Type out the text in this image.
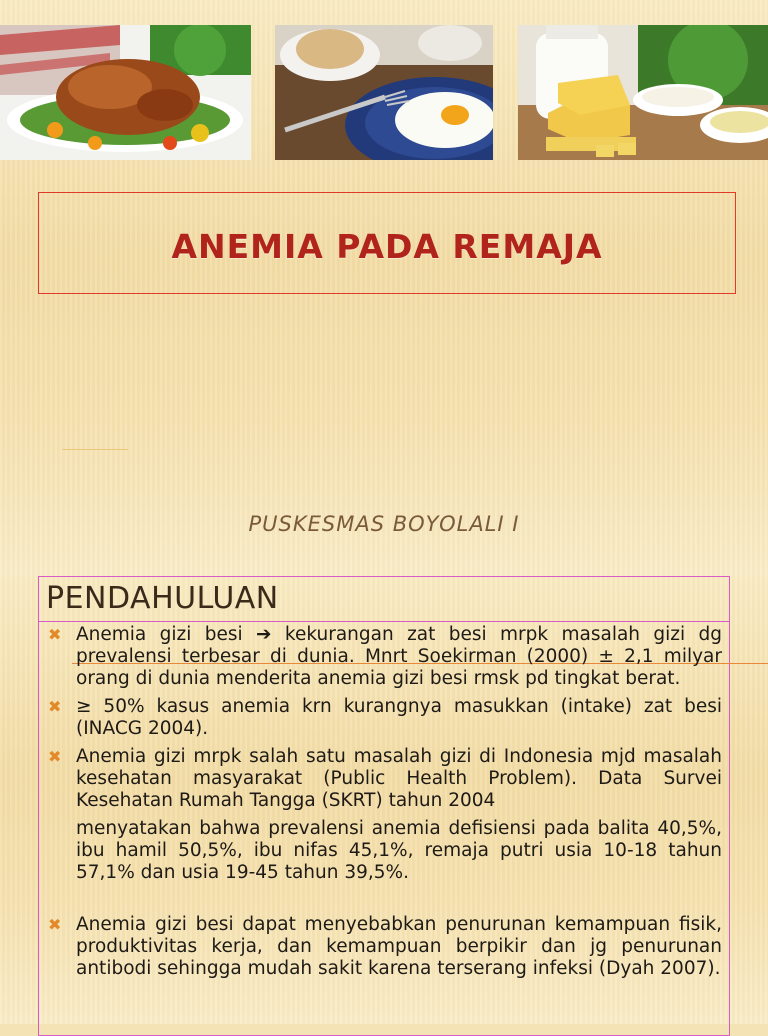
ANEMIA PADA REMAJA
PUSKESMAS BOYOLALI I
PENDAHULUAN
✖ Anemia gizi besi ➔ kekurangan zat besi mrpk masalah gizi dg prevalensi terbesar di dunia. Mnrt Soekirman (2000) ± 2,1 milyar orang di dunia menderita anemia gizi besi rmsk pd tingkat berat.
✖ ≥ 50% kasus anemia krn kurangnya masukkan (intake) zat besi (INACG 2004).
✖ Anemia gizi mrpk salah satu masalah gizi di Indonesia mjd masalah kesehatan masyarakat (Public Health Problem). Data Survei Kesehatan Rumah Tangga (SKRT) tahun 2004
menyatakan bahwa prevalensi anemia defisiensi pada balita 40,5%, ibu hamil 50,5%, ibu nifas 45,1%, remaja putri usia 10-18 tahun 57,1% dan usia 19-45 tahun 39,5%.
✖ Anemia gizi besi dapat menyebabkan penurunan kemampuan fisik, produktivitas kerja, dan kemampuan berpikir dan jg penurunan antibodi sehingga mudah sakit karena terserang infeksi (Dyah 2007).
